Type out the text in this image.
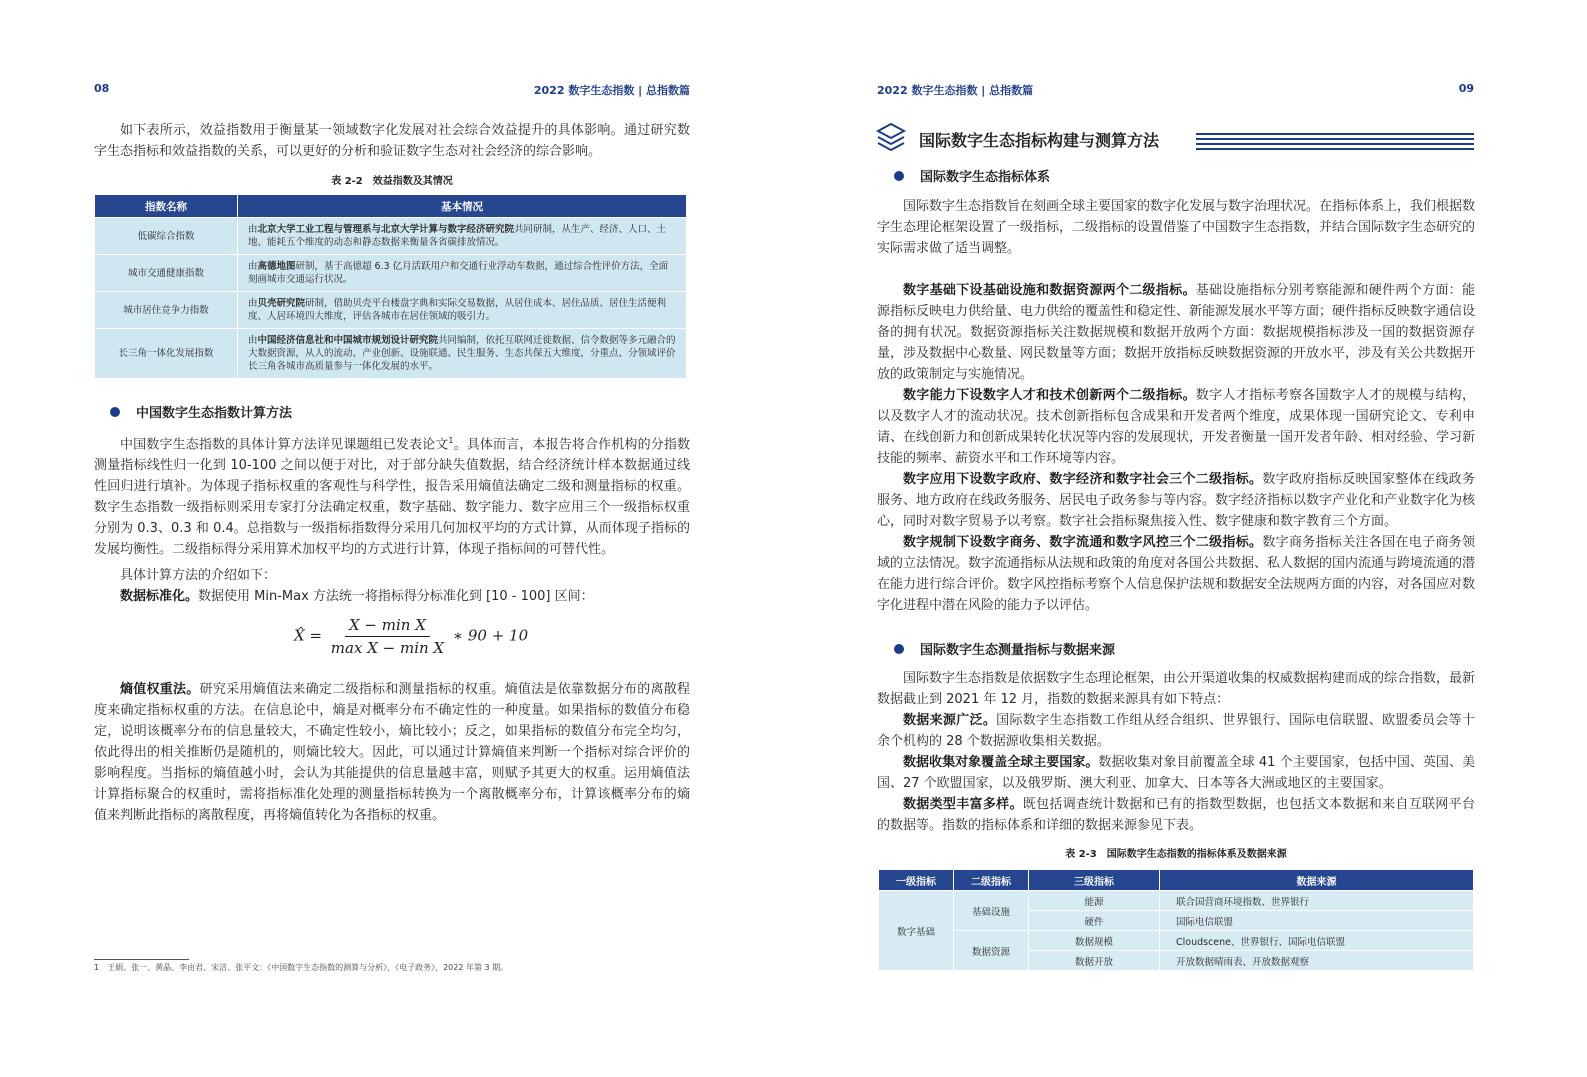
08	2022 数字生态指数 | 总指数篇

如下表所示，效益指数用于衡量某一领域数字化发展对社会综合效益提升的具体影响。通过研究数字生态指标和效益指数的关系，可以更好的分析和验证数字生态对社会经济的综合影响。

表 2-2　效益指数及其情况
指数名称	基本情况
低碳综合指数	由北京大学工业工程与管理系与北京大学计算与数字经济研究院共同研制，从生产、经济、人口、土地、能耗五个维度的动态和静态数据来衡量各省碳排放情况。
城市交通健康指数	由高德地图研制，基于高德超 6.3 亿月活跃用户和交通行业浮动车数据，通过综合性评价方法，全面刻画城市交通运行状况。
城市居住竞争力指数	由贝壳研究院研制，借助贝壳平台楼盘字典和实际交易数据，从居住成本、居住品质、居住生活便利度、人居环境四大维度，评估各城市在居住领域的吸引力。
长三角一体化发展指数	由中国经济信息社和中国城市规划设计研究院共同编制，依托互联网迁徙数据、信令数据等多元融合的大数据资源，从人的流动、产业创新、设施联通、民生服务、生态共保五大维度，分重点、分领域评价长三角各城市高质量参与一体化发展的水平。
中国数字生态指数计算方法

中国数字生态指数的具体计算方法详见课题组已发表论文$^1$。具体而言，本报告将合作机构的分指数测量指标线性归一化到 10-100 之间以便于对比，对于部分缺失值数据，结合经济统计样本数据通过线性回归进行填补。为体现子指标权重的客观性与科学性，报告采用熵值法确定二级和测量指标的权重。数字生态指数一级指标则采用专家打分法确定权重，数字基础、数字能力、数字应用三个一级指标权重分别为 0.3、0.3 和 0.4。总指数与一级指标指数得分采用几何加权平均的方式计算，从而体现子指标的发展均衡性。二级指标得分采用算术加权平均的方式进行计算，体现子指标间的可替代性。

具体计算方法的介绍如下：

数据标准化。数据使用 Min-Max 方法统一将指标得分标准化到 [10 - 100] 区间：

X̂ = $\frac{\text{X − min X}}{\text{max X − min X}}$ ∗ 90 + 10

熵值权重法。研究采用熵值法来确定二级指标和测量指标的权重。熵值法是依靠数据分布的离散程度来确定指标权重的方法。在信息论中，熵是对概率分布不确定性的一种度量。如果指标的数值分布稳定，说明该概率分布的信息量较大，不确定性较小，熵比较小；反之，如果指标的数值分布完全均匀，依此得出的相关推断仍是随机的，则熵比较大。因此，可以通过计算熵值来判断一个指标对综合评价的影响程度。当指标的熵值越小时，会认为其能提供的信息量越丰富，则赋予其更大的权重。运用熵值法计算指标聚合的权重时，需将指标准化处理的测量指标转换为一个离散概率分布，计算该概率分布的熵值来判断此指标的离散程度，再将熵值转化为各指标的权重。

1　王娟、张一、黄晶、李由君、宋洁、张平文：《中国数字生态指数的测算与分析》，《电子政务》，2022 年第 3 期。
2022 数字生态指数 | 总指数篇	09
国际数字生态指标构建与测算方法
国际数字生态指标体系

国际数字生态指数旨在刻画全球主要国家的数字化发展与数字治理状况。在指标体系上，我们根据数字生态理论框架设置了一级指标，二级指标的设置借鉴了中国数字生态指数，并结合国际数字生态研究的实际需求做了适当调整。

数字基础下设基础设施和数据资源两个二级指标。基础设施指标分别考察能源和硬件两个方面：能源指标反映电力供给量、电力供给的覆盖性和稳定性、新能源发展水平等方面；硬件指标反映数字通信设备的拥有状况。数据资源指标关注数据规模和数据开放两个方面：数据规模指标涉及一国的数据资源存量，涉及数据中心数量、网民数量等方面；数据开放指标反映数据资源的开放水平，涉及有关公共数据开放的政策制定与实施情况。

数字能力下设数字人才和技术创新两个二级指标。数字人才指标考察各国数字人才的规模与结构，以及数字人才的流动状况。技术创新指标包含成果和开发者两个维度，成果体现一国研究论文、专利申请、在线创新力和创新成果转化状况等内容的发展现状，开发者衡量一国开发者年龄、相对经验、学习新技能的频率、薪资水平和工作环境等内容。

数字应用下设数字政府、数字经济和数字社会三个二级指标。数字政府指标反映国家整体在线政务服务、地方政府在线政务服务、居民电子政务参与等内容。数字经济指标以数字产业化和产业数字化为核心，同时对数字贸易予以考察。数字社会指标聚焦接入性、数字健康和数字教育三个方面。

数字规制下设数字商务、数字流通和数字风控三个二级指标。数字商务指标关注各国在电子商务领域的立法情况。数字流通指标从法规和政策的角度对各国公共数据、私人数据的国内流通与跨境流通的潜在能力进行综合评价。数字风控指标考察个人信息保护法规和数据安全法规两方面的内容，对各国应对数字化进程中潜在风险的能力予以评估。

国际数字生态测量指标与数据来源

国际数字生态指数是依据数字生态理论框架，由公开渠道收集的权威数据构建而成的综合指数，最新数据截止到 2021 年 12 月，指数的数据来源具有如下特点：

数据来源广泛。国际数字生态指数工作组从经合组织、世界银行、国际电信联盟、欧盟委员会等十余个机构的 28 个数据源收集相关数据。

数据收集对象覆盖全球主要国家。数据收集对象目前覆盖全球 41 个主要国家，包括中国、英国、美国、27 个欧盟国家，以及俄罗斯、澳大利亚、加拿大、日本等各大洲或地区的主要国家。

数据类型丰富多样。既包括调查统计数据和已有的指数型数据，也包括文本数据和来自互联网平台的数据等。指数的指标体系和详细的数据来源参见下表。

表 2-3　国际数字生态指数的指标体系及数据来源
一级指标	二级指标	三级指标	数据来源
数字基础	基础设施	能源	联合国营商环境指数、世界银行
		硬件	国际电信联盟
	数据资源	数据规模	Cloudscene、世界银行、国际电信联盟
		数据开放	开放数据晴雨表、开放数据观察
